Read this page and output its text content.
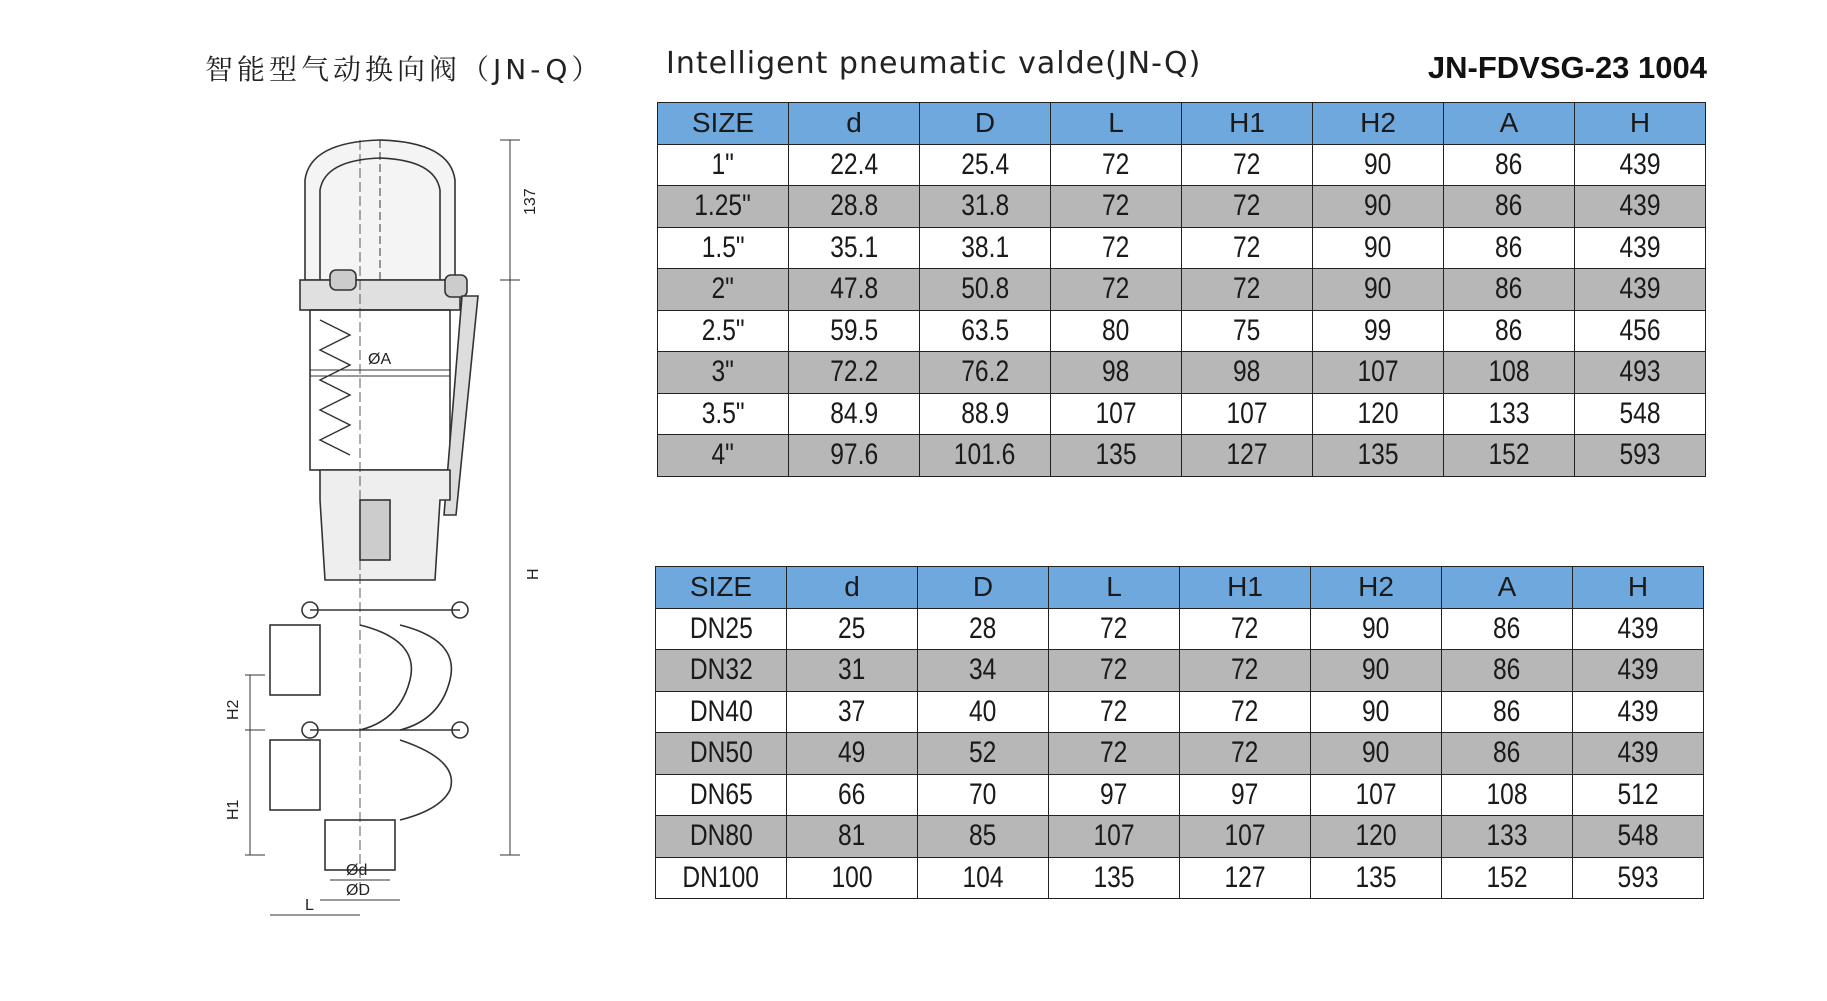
智能型气动换向阀（JN-Q） Intelligent pneumatic valde(JN-Q)	JN-FDVSG-23 1004
137
ØA
H
H2
H1
Ød
ØD
L
SIZE	d	D	L	H1	H2	A	H
1"	22.4	25.4	72	72	90	86	439
1.25"	28.8	31.8	72	72	90	86	439
1.5"	35.1	38.1	72	72	90	86	439
2"	47.8	50.8	72	72	90	86	439
2.5"	59.5	63.5	80	75	99	86	456
3"	72.2	76.2	98	98	107	108	493
3.5"	84.9	88.9	107	107	120	133	548
4"	97.6	101.6	135	127	135	152	593
SIZE	d	D	L	H1	H2	A	H
DN25	25	28	72	72	90	86	439
DN32	31	34	72	72	90	86	439
DN40	37	40	72	72	90	86	439
DN50	49	52	72	72	90	86	439
DN65	66	70	97	97	107	108	512
DN80	81	85	107	107	120	133	548
DN100	100	104	135	127	135	152	593
